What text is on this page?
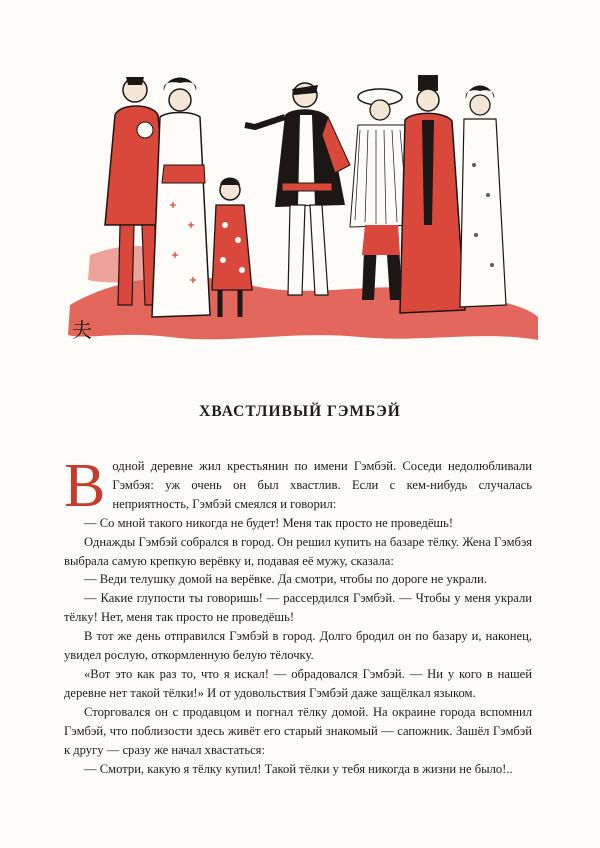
夫
ХВАСТЛИВЫЙ ГЭМБЭЙ

В одной деревне жил крестьянин по имени Гэмбэй. Соседи недолюбливали Гэмбэя: уж очень он был хвастлив. Если с кем-нибудь случалась неприятность, Гэмбэй смеялся и говорил:

— Со мной такого никогда не будет! Меня так просто не проведёшь!

Однажды Гэмбэй собрался в город. Он решил купить на базаре тёлку. Жена Гэмбэя выбрала самую крепкую верёвку и, подавая её мужу, сказала:

— Веди телушку домой на верёвке. Да смотри, чтобы по дороге не украли.

— Какие глупости ты говоришь! — рассердился Гэмбэй. — Чтобы у меня украли тёлку! Нет, меня так просто не проведёшь!

В тот же день отправился Гэмбэй в город. Долго бродил он по базару и, наконец, увидел рослую, откормленную белую тёлочку.

«Вот это как раз то, что я искал! — обрадовался Гэмбэй. — Ни у кого в нашей деревне нет такой тёлки!» И от удовольствия Гэмбэй даже защёлкал языком.

Сторговался он с продавцом и погнал тёлку домой. На окраине города вспомнил Гэмбэй, что поблизости здесь живёт его старый знакомый — сапожник. Зашёл Гэмбэй к другу — сразу же начал хвастаться:

— Смотри, какую я тёлку купил! Такой тёлки у тебя никогда в жизни не было!..
